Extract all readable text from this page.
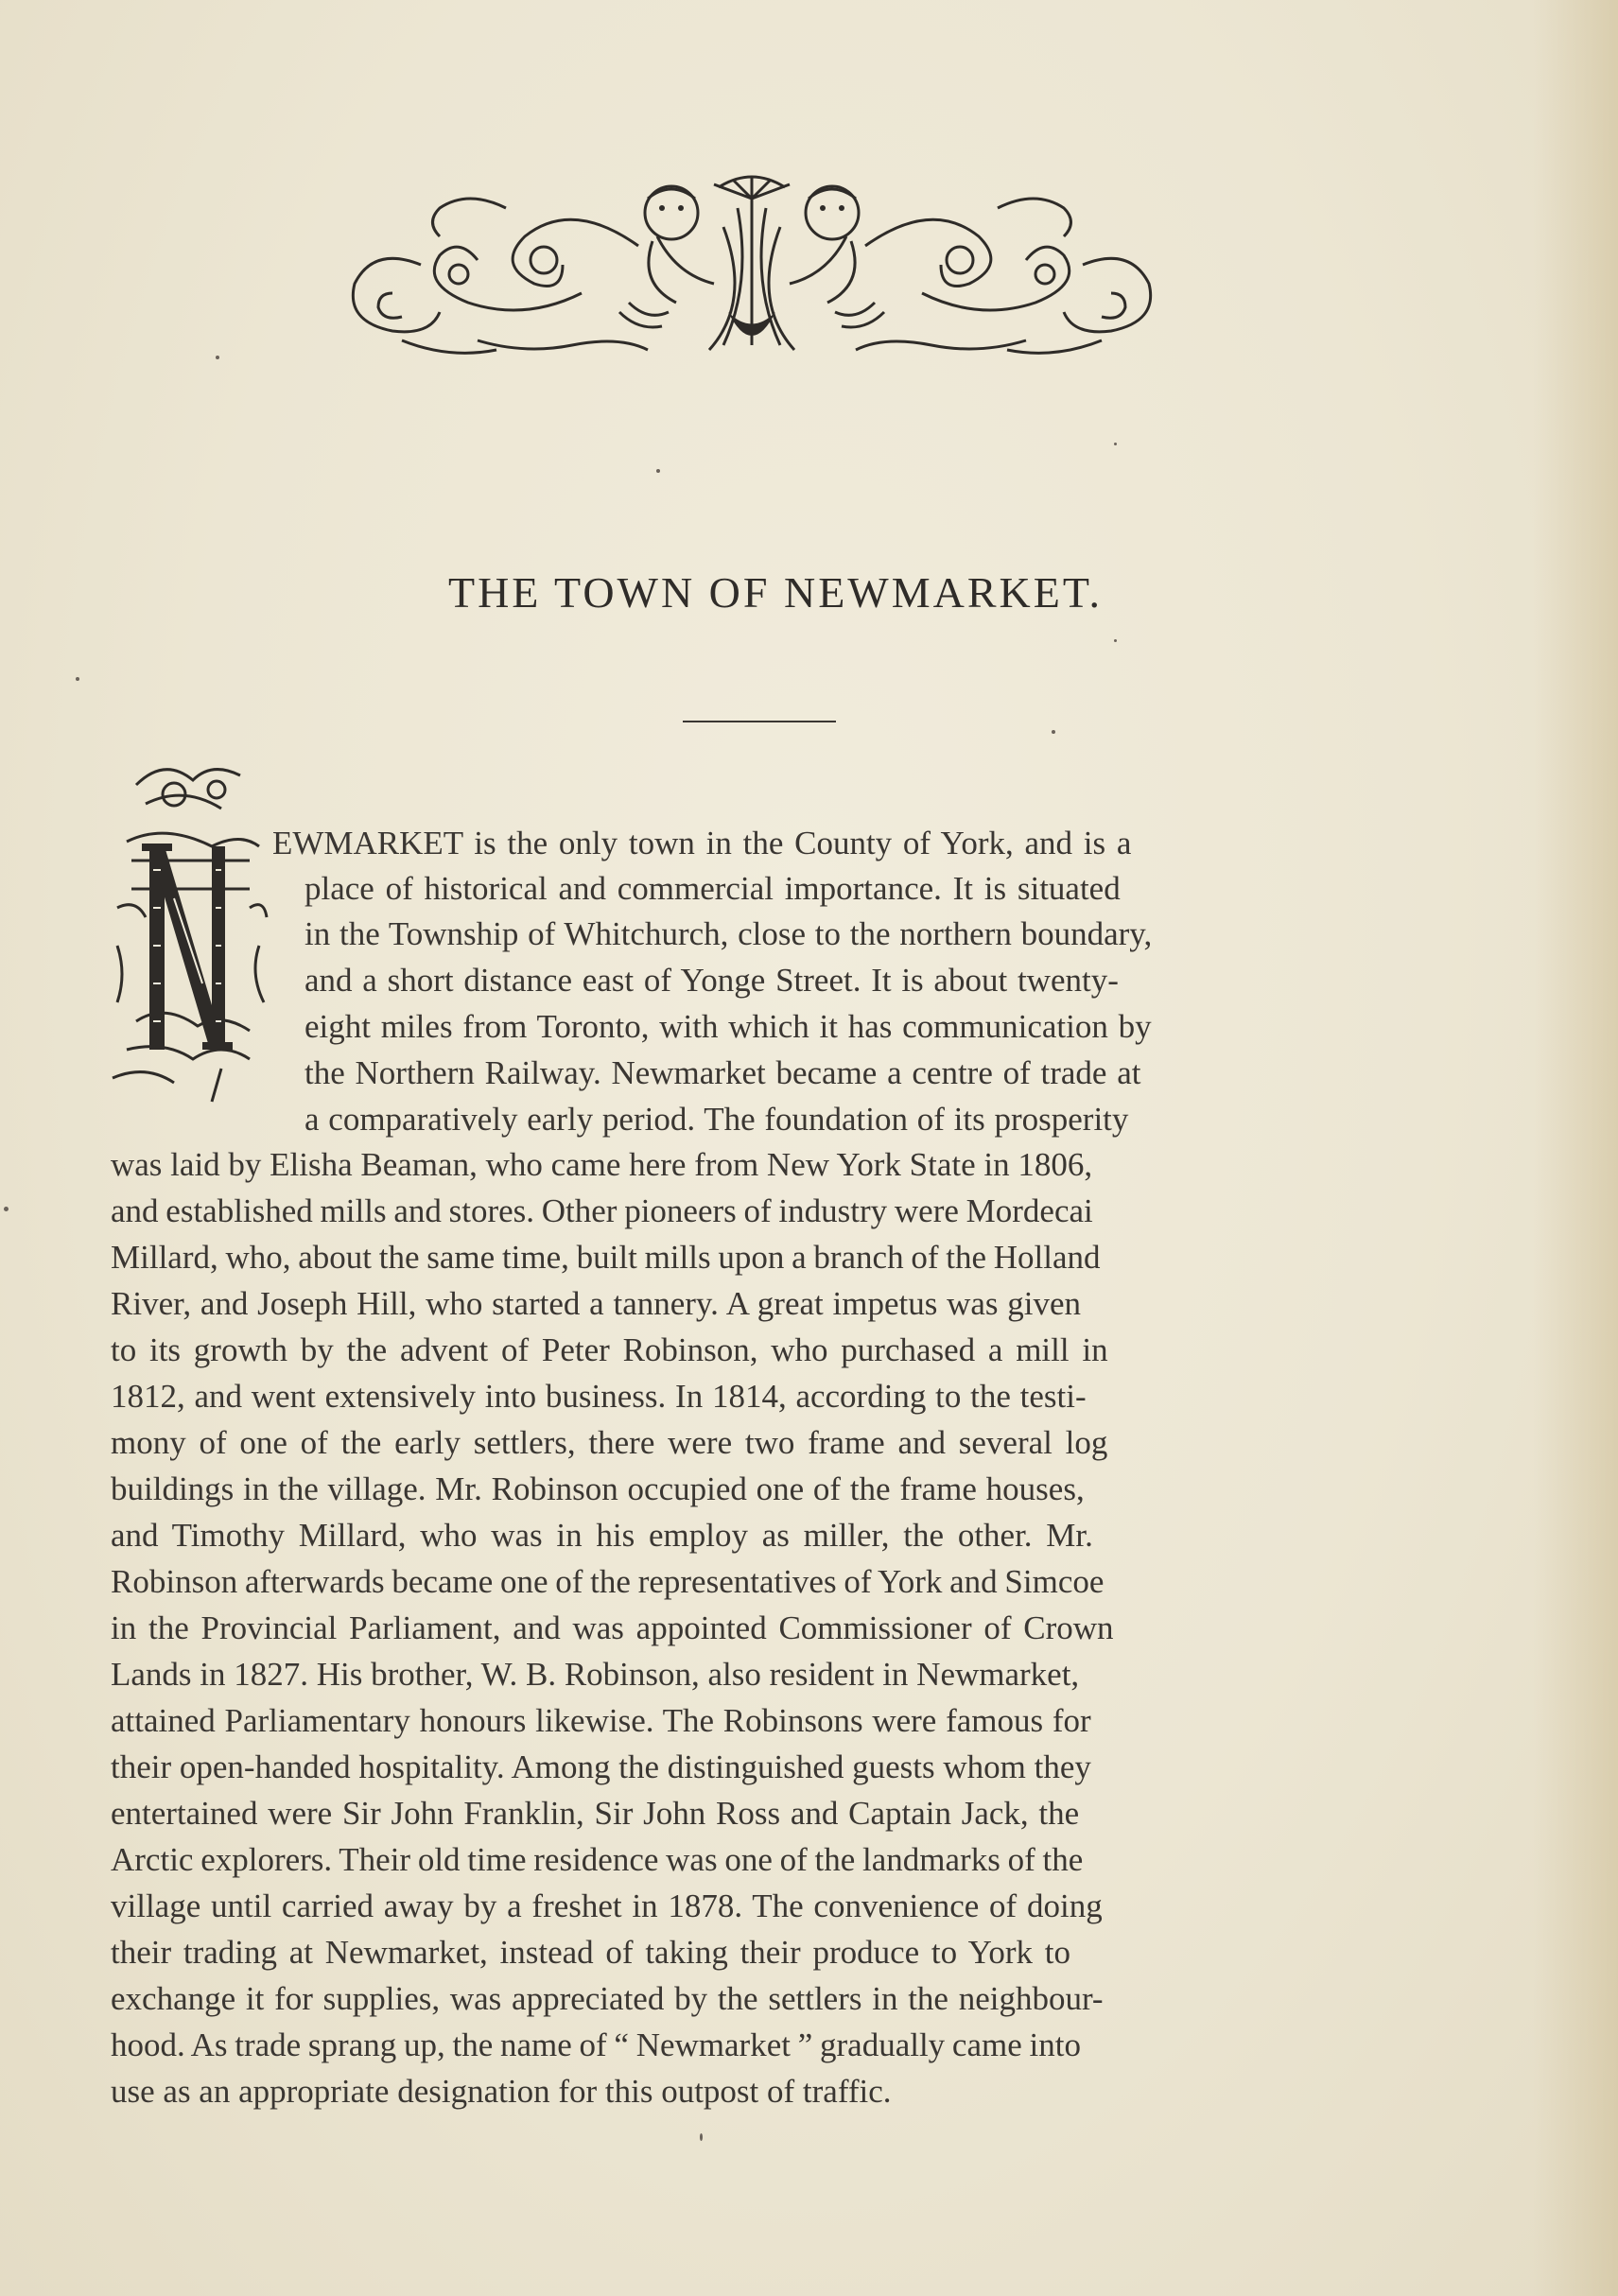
THE TOWN OF NEWMARKET.
EWMARKET is the only town in the County of York, and is a
place of historical and commercial importance. It is situated
in the Township of Whitchurch, close to the northern boundary,
and a short distance east of Yonge Street. It is about twenty-
eight miles from Toronto, with which it has communication by
the Northern Railway. Newmarket became a centre of trade at
a comparatively early period. The foundation of its prosperity
was laid by Elisha Beaman, who came here from New York State in 1806,
and established mills and stores. Other pioneers of industry were Mordecai
Millard, who, about the same time, built mills upon a branch of the Holland
River, and Joseph Hill, who started a tannery. A great impetus was given
to its growth by the advent of Peter Robinson, who purchased a mill in
1812, and went extensively into business. In 1814, according to the testi-
mony of one of the early settlers, there were two frame and several log
buildings in the village. Mr. Robinson occupied one of the frame houses,
and Timothy Millard, who was in his employ as miller, the other. Mr.
Robinson afterwards became one of the representatives of York and Simcoe
in the Provincial Parliament, and was appointed Commissioner of Crown
Lands in 1827. His brother, W. B. Robinson, also resident in Newmarket,
attained Parliamentary honours likewise. The Robinsons were famous for
their open-handed hospitality. Among the distinguished guests whom they
entertained were Sir John Franklin, Sir John Ross and Captain Jack, the
Arctic explorers. Their old time residence was one of the landmarks of the
village until carried away by a freshet in 1878. The convenience of doing
their trading at Newmarket, instead of taking their produce to York to
exchange it for supplies, was appreciated by the settlers in the neighbour-
hood. As trade sprang up, the name of “ Newmarket ” gradually came into
use as an appropriate designation for this outpost of traffic.
